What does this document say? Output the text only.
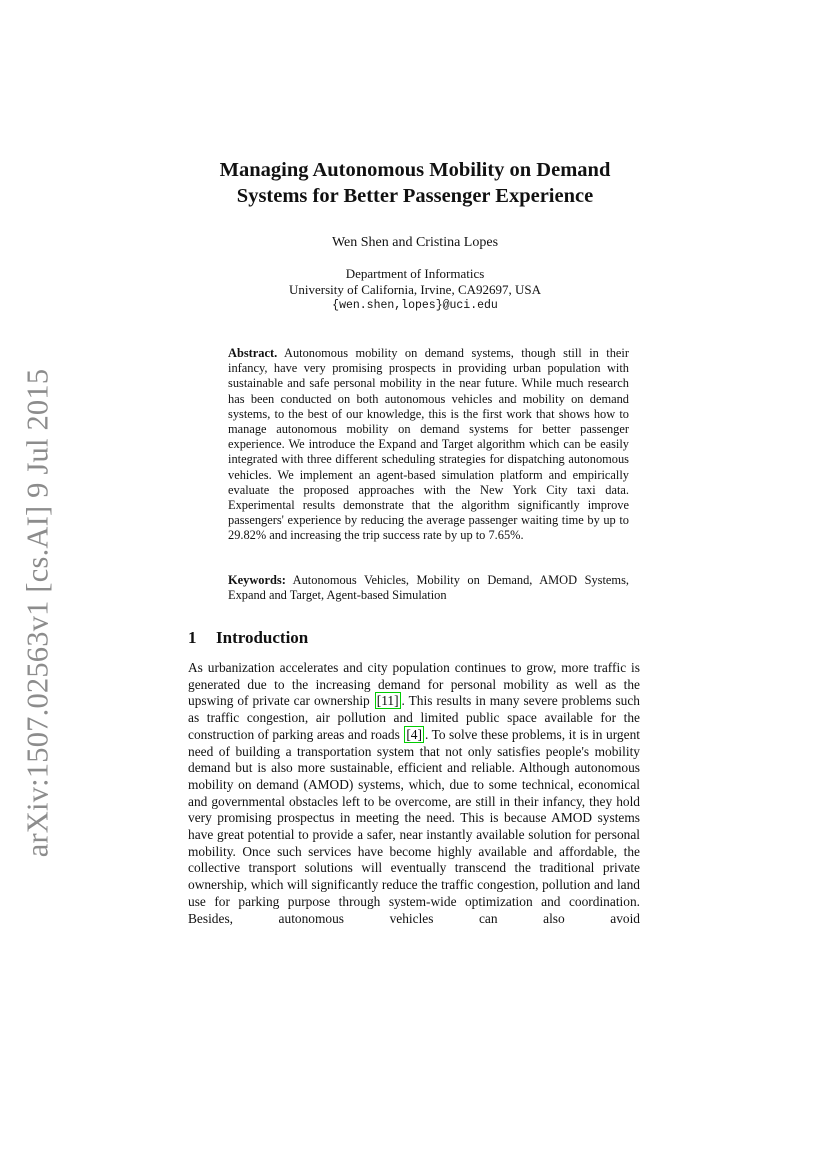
arXiv:1507.02563v1 [cs.AI] 9 Jul 2015
Managing Autonomous Mobility on Demand
Systems for Better Passenger Experience
Wen Shen and Cristina Lopes
Department of Informatics
University of California, Irvine, CA92697, USA
{wen.shen,lopes}@uci.edu
Abstract. Autonomous mobility on demand systems, though still in their infancy, have very promising prospects in providing urban population with sustainable and safe personal mobility in the near future. While much research has been conducted on both autonomous vehicles and mobility on demand systems, to the best of our knowledge, this is the first work that shows how to manage autonomous mobility on demand systems for better passenger experience. We introduce the Expand and Target algorithm which can be easily integrated with three different scheduling strategies for dispatching autonomous vehicles. We implement an agent-based simulation platform and empirically evaluate the proposed approaches with the New York City taxi data. Experimental results demonstrate that the algorithm significantly improve passengers' experience by reducing the average passenger waiting time by up to 29.82% and increasing the trip success rate by up to 7.65%.
Keywords: Autonomous Vehicles, Mobility on Demand, AMOD Systems, Expand and Target, Agent-based Simulation
1 Introduction
As urbanization accelerates and city population continues to grow, more traffic is generated due to the increasing demand for personal mobility as well as the upswing of private car ownership [11] . This results in many severe problems such as traffic congestion, air pollution and limited public space available for the construction of parking areas and roads [4] . To solve these problems, it is in urgent need of building a transportation system that not only satisfies people's mobility demand but is also more sustainable, efficient and reliable. Although autonomous mobility on demand (AMOD) systems, which, due to some technical, economical and governmental obstacles left to be overcome, are still in their infancy, they hold very promising prospectus in meeting the need. This is because AMOD systems have great potential to provide a safer, near instantly available solution for personal mobility. Once such services have become highly available and affordable, the collective transport solutions will eventually transcend the traditional private ownership, which will significantly reduce the traffic congestion, pollution and land use for parking purpose through system-wide optimization and coordination. Besides, autonomous vehicles can also avoid
